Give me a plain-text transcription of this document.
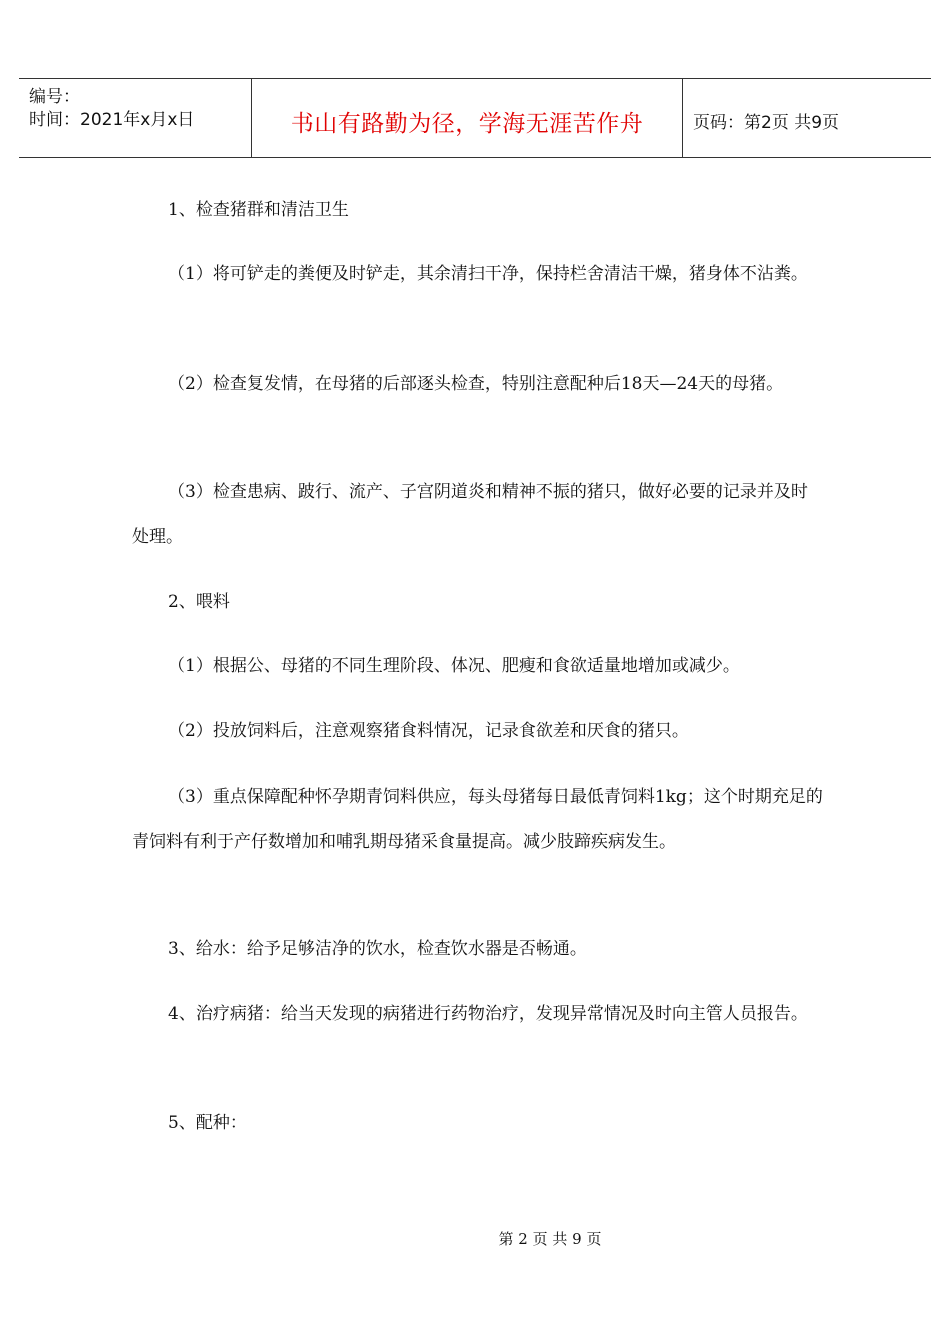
编号：
时间：2021年x月x日	书山有路勤为径，学海无涯苦作舟	页码：第2页 共9页

1、检查猪群和清洁卫生

（1）将可铲走的粪便及时铲走，其余清扫干净，保持栏舍清洁干燥，猪身体不沾粪。

（2）检查复发情，在母猪的后部逐头检查，特别注意配种后18天—24天的母猪。

（3）检查患病、跛行、流产、子宫阴道炎和精神不振的猪只，做好必要的记录并及时处理。

2、喂料

（1）根据公、母猪的不同生理阶段、体况、肥瘦和食欲适量地增加或减少。

（2）投放饲料后，注意观察猪食料情况，记录食欲差和厌食的猪只。

（3）重点保障配种怀孕期青饲料供应，每头母猪每日最低青饲料1kg；这个时期充足的青饲料有利于产仔数增加和哺乳期母猪采食量提高。减少肢蹄疾病发生。

3、给水：给予足够洁净的饮水，检查饮水器是否畅通。

4、治疗病猪：给当天发现的病猪进行药物治疗，发现异常情况及时向主管人员报告。

5、配种：

第 2 页 共 9 页
